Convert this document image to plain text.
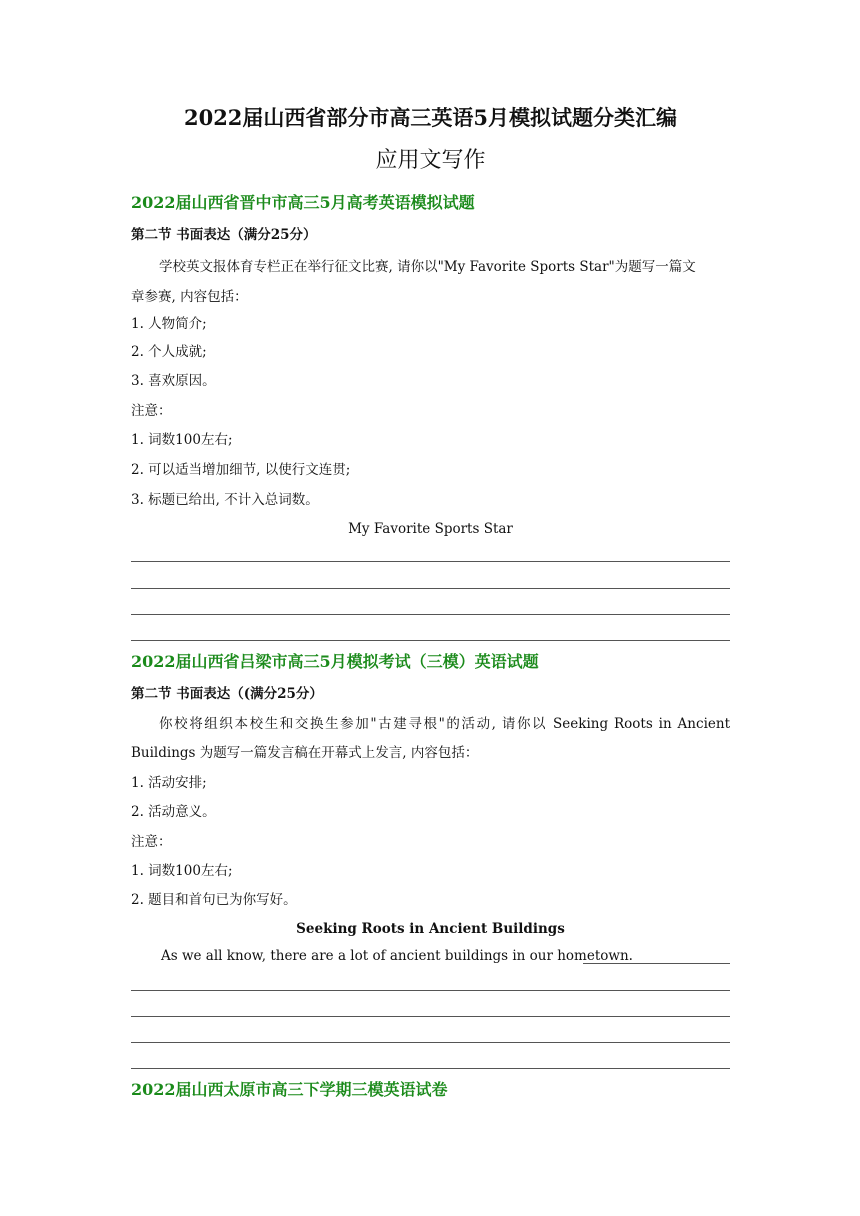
2022届山西省部分市高三英语5月模拟试题分类汇编
应用文写作
2022届山西省晋中市高三5月高考英语模拟试题
第二节 书面表达（满分25分）
学校英文报体育专栏正在举行征文比赛, 请你以"My Favorite Sports Star"为题写一篇文
章参赛, 内容包括：
1. 人物简介;
2. 个人成就;
3. 喜欢原因。
注意：
1. 词数100左右;
2. 可以适当增加细节, 以使行文连贯;
3. 标题已给出, 不计入总词数。
My Favorite Sports Star
2022届山西省吕梁市高三5月模拟考试（三模）英语试题
第二节 书面表达（(满分25分）
你校将组织本校生和交换生参加"古建寻根"的活动, 请你以 Seeking Roots in Ancient
Buildings 为题写一篇发言稿在开幕式上发言, 内容包括：
1. 活动安排;
2. 活动意义。
注意：
1. 词数100左右;
2. 题目和首句已为你写好。
Seeking Roots in Ancient Buildings
As we all know, there are a lot of ancient buildings in our hometown.
2022届山西太原市高三下学期三模英语试卷
